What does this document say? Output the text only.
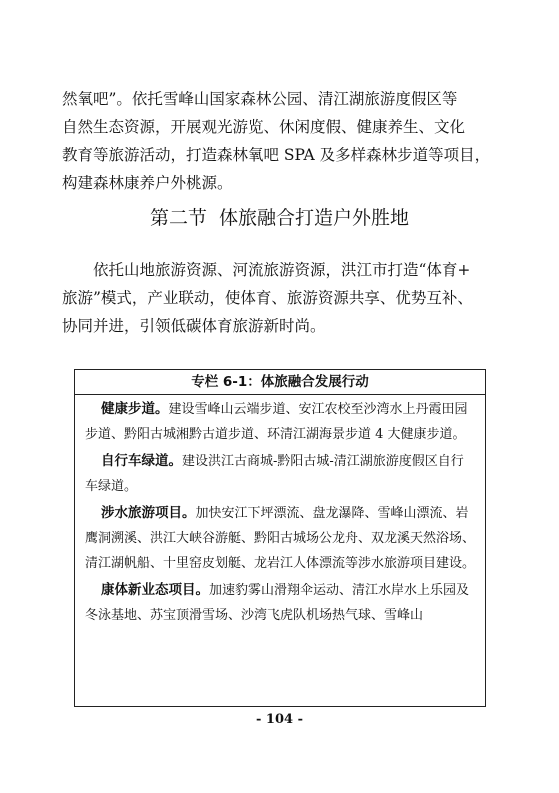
然氧吧”。依托雪峰山国家森林公园、清江湖旅游度假区等

自然生态资源，开展观光游览、休闲度假、健康养生、文化

教育等旅游活动，打造森林氧吧 SPA 及多样森林步道等项目，

构建森林康养户外桃源。

第二节  体旅融合打造户外胜地

　　依托山地旅游资源、河流旅游资源，洪江市打造“体育+

旅游”模式，产业联动，使体育、旅游资源共享、优势互补、

协同并进，引领低碳体育旅游新时尚。

专栏 6-1：体旅融合发展行动
健康步道。建设雪峰山云端步道、安江农校至沙湾水上丹霞田园步道、黔阳古城湘黔古道步道、环清江湖海景步道 4 大健康步道。
自行车绿道。建设洪江古商城-黔阳古城-清江湖旅游度假区自行车绿道。
涉水旅游项目。加快安江下坪漂流、盘龙瀑降、雪峰山漂流、岩鹰洞溯溪、洪江大峡谷游艇、黔阳古城场公龙舟、双龙溪天然浴场、清江湖帆船、十里窑皮划艇、龙岩江人体漂流等涉水旅游项目建设。
康体新业态项目。加速豹雾山滑翔伞运动、清江水岸水上乐园及冬泳基地、苏宝顶滑雪场、沙湾飞虎队机场热气球、雪峰山
- 104 -
